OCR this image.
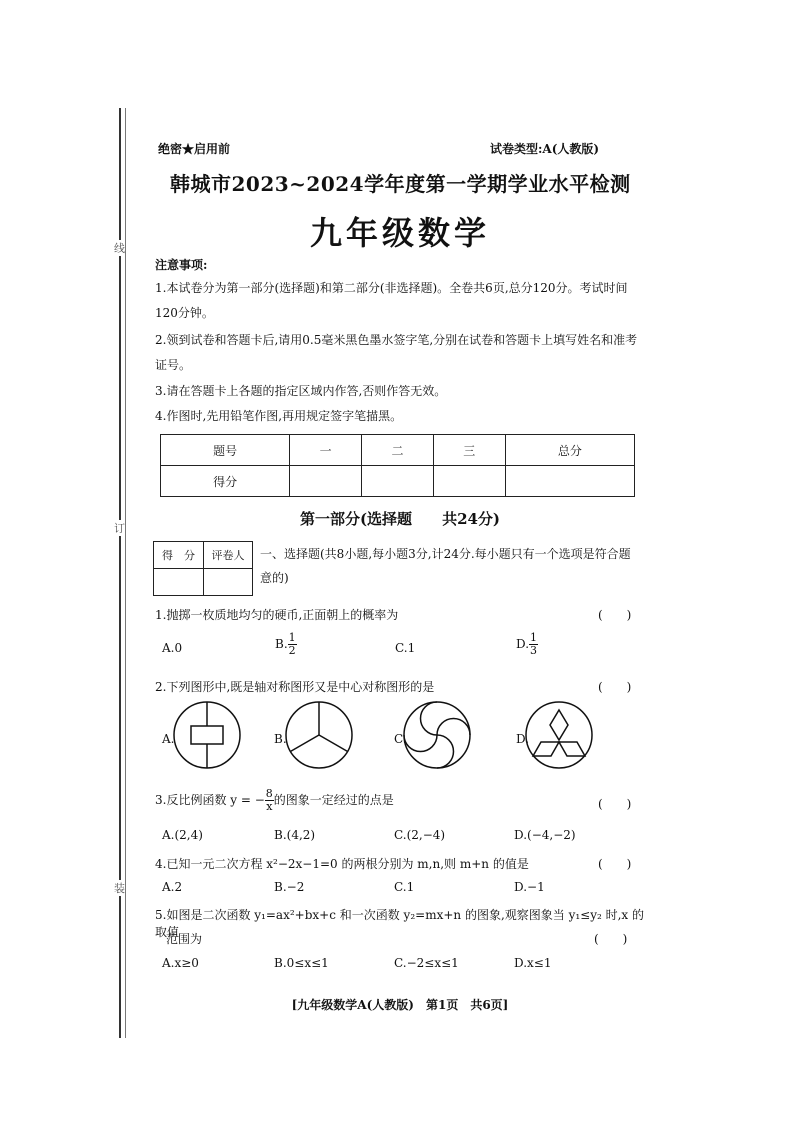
线
订
装
绝密★启用前	试卷类型:A(人教版)
韩城市2023~2024学年度第一学期学业水平检测
九年级数学
注意事项:
1.本试卷分为第一部分(选择题)和第二部分(非选择题)。全卷共6页,总分120分。考试时间120分钟。
2.领到试卷和答题卡后,请用0.5毫米黑色墨水签字笔,分别在试卷和答题卡上填写姓名和准考证号。
3.请在答题卡上各题的指定区域内作答,否则作答无效。
4.作图时,先用铅笔作图,再用规定签字笔描黑。
题号	一	二	三	总分
得分				
第一部分(选择题 共24分)
得　分	评卷人
	一、选择题(共8小题,每小题3分,计24分.每小题只有一个选项是符合题意的)
1.抛掷一枚质地均匀的硬币,正面朝上的概率为	(　　)
A.0	B. $\frac{1}{2}$	C.1	D. $\frac{1}{3}$
2.下列图形中,既是轴对称图形又是中心对称图形的是	(　　)
A.	B.	C.	D.
3.反比例函数 y = − $\frac{8}{x}$ 的图象一定经过的点是	(　　)
A.(2,4)	B.(4,2)	C.(2,−4)	D.(−4,−2)
4.已知一元二次方程 x²−2x−1=0 的两根分别为 m,n,则 m+n 的值是	(　　)
A.2	B.−2	C.1	D.−1
5.如图是二次函数 y₁=ax²+bx+c 和一次函数 y₂=mx+n 的图象,观察图象当 y₁≤y₂ 时,x 的取值
范围为	(　　)
A.x≥0	B.0≤x≤1	C.−2≤x≤1	D.x≤1
[九年级数学A(人教版)　第1页　共6页]
